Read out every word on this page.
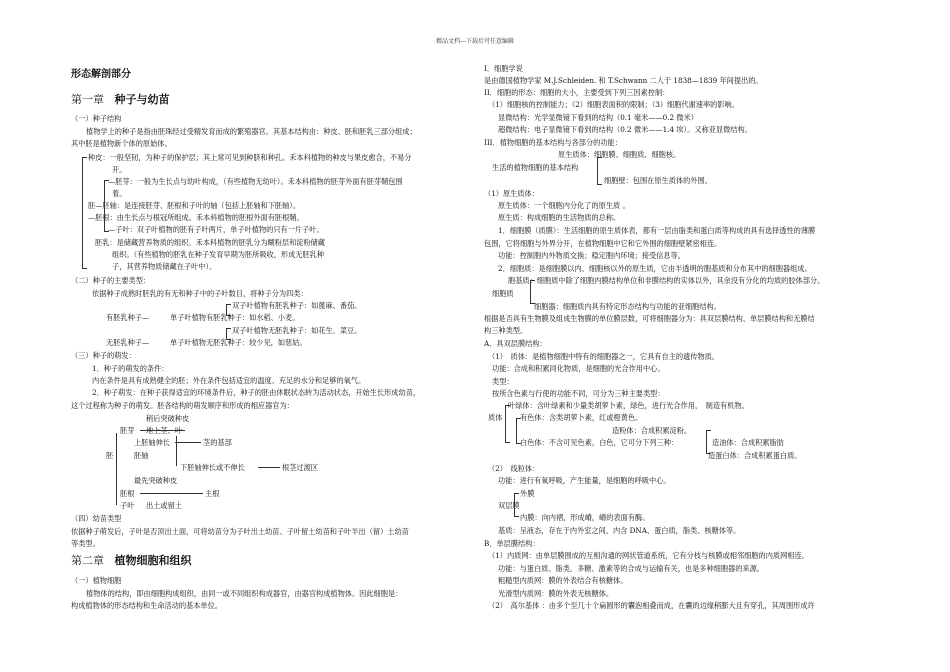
精品文档---下载后可任意编辑
形态解剖部分
第一章 种子与幼苗
（一）种子结构
植物学上的种子是指由胚珠经过受精发育而成的繁殖器官。其基本结构由：种皮、胚和胚乳三部分组成；
其中胚是植物新个体的原始体。
种皮：一般坚韧，为种子的保护层；其上常可见到种脐和种孔。禾本科植物的种皮与果皮愈合，不易分
开。
—胚芽：一般为生长点与幼叶构成，（有些植物无幼叶）。禾本科植物的胚芽外面有胚芽鞘包围
着。
胚—胚轴：是连接胚芽、胚根和子叶的轴（包括上胚轴和下胚轴）。
—胚根：由生长点与根冠所组成。禾本科植物的胚根外面有胚根鞘。
—子叶：双子叶植物的胚有子叶两片，单子叶植物的只有一片子叶。
胚乳：是储藏营养物质的组织。禾本科植物的胚乳分为糊粉层和淀粉储藏
组织。（有些植物的胚乳在种子发育早期为胚所吸收，形成无胚乳种
子，其营养物质储藏在子叶中）。
（二）种子的主要类型：
依据种子成熟时胚乳的有无和种子中的子叶数目，将种子分为四类：
双子叶植物有胚乳种子：如蓖麻、番茄。
有胚乳种子—	单子叶植物有胚乳种子：如水稻、小麦。
双子叶植物无胚乳种子：如花生、菜豆。
无胚乳种子—	单子叶植物无胚乳种子：较少见，如慈姑。
（三）种子的萌发：
1．种子的萌发的条件：
内在条件是具有成熟健全的胚；外在条件包括适宜的温度、充足的水分和足够的氧气。
2．种子萌发：在种子获得适宜的环境条件后，种子的胚由休眠状态转为活动状态，开始生长形成幼苗，
这个过程称为种子的萌发。胚各结构的萌发顺序和形成的相应器官为：
稍后突破种皮
胚芽
上胚轴伸长	茎的基部
胚	胚轴
下胚轴伸长或不伸长	根茎过渡区
最先突破种皮
胚根	主根
子叶 出土或留土
（四）幼苗类型
依据种子萌发后，子叶是否顶出土面，可将幼苗分为子叶出土幼苗、子叶留土幼苗和子叶半出（留）土幼苗
等类型。
第二章 植物细胞和组织
（一）植物细胞
植物体的结构，即由细胞构成组织，由同一或不同组织构成器官，由器官构成植物体。因此细胞是：
构成植物体的形态结构和生命活动的基本单位。
I．细胞学说
是由德国植物学家 M.J.Schleiden. 和 T.Schwann 二人于 1838—1839 年间提出的。
II．细胞的形态：细胞的大小，主要受到下列三因素控制：
（1）细胞核的控制能力；（2）细胞表面积的限制；（3）细胞代谢速率的影响。
显微结构：光学显微镜下看到的结构（0.1 毫米——0.2 微米）
超微结构：电子显微镜下看到的结构（0.2 微米——1.4 埃）。又称亚显微结构。
III．植物细胞的基本结构与各部分的功能：
原生质体：细胞膜、细胞质、细胞核。
生活的植物细胞的基本结构
细胞壁：包围在原生质体的外围。
（1）原生质体：
原生质体：一个细胞内分化了的原生质 。
原生质：构成细胞的生活物质的总称。
1．细胞膜（质膜）：生活细胞的原生质体表，都有一层由脂类和蛋白质等构成的具有选择透性的薄膜
包围，它将细胞与外界分开，在植物细胞中它和它外围的细胞壁紧密相连。
功能：控制胞内外物质交换；稳定胞内环境；接受信息等。
2．细胞质：是细胞膜以内、细胞核以外的原生质，它由半透明的胞基质和分布其中的细胞器组成。
胞基质：细胞质中除了细胞内膜结构单位和非膜结构的实体以外，其余没有分化的均质的胶体部分。
细胞质
细胞器：细胞质内具有特定形态结构与功能的亚细胞结构。
根据是否具有生物膜及组成生物膜的单位膜层数，可将细胞器分为：具双层膜结构、单层膜结构和无膜结
构三种类型。
A．具双层膜结构：
（1）　质体：是植物细胞中特有的细胞器之一，它具有自主的遗传物质。
功能：合成和积累同化物质，是细胞的光合作用中心。
类型：
按所含色素与行使的功能不同，可分为三种主要类型：
叶绿体：含叶绿素和少量类胡萝卜素，绿色，进行光合作用，　制造有机物。
质体 有色体：含类胡萝卜素，红或橙黄色。
造粉体：合成积累淀粉。
白色体：不含可见色素，白色，它可分下列三种：	造油体：合成积累脂肪
造蛋白体：合成积累蛋白质。
（2）　线粒体：
功能：进行有氧呼吸，产生能量，是细胞的呼吸中心。
外膜
双层膜
内膜：向内褶，形成嵴，嵴的表面有酶。
基质：呈液态，存在于内外室之间，内含 DNA、蛋白质，脂类、核糖体等。
B．单层膜结构：
（1）内质网：由单层膜围成的互相沟通的网状管道系统，它有分枝与核膜或相邻细胞的内质网相连。
功能：与蛋白质、脂类、多糖、激素等的合成与运输有关，也是多种细胞器的来源。
粗糙型内质网：膜的外表结合有核糖体。
光滑型内质网：膜的外表无核糖体。
（2）　高尔基体 ：由多个至几十个扁圆形的囊泡相叠而成，在囊的边缘稍膨大且有穿孔，其周围形成许
